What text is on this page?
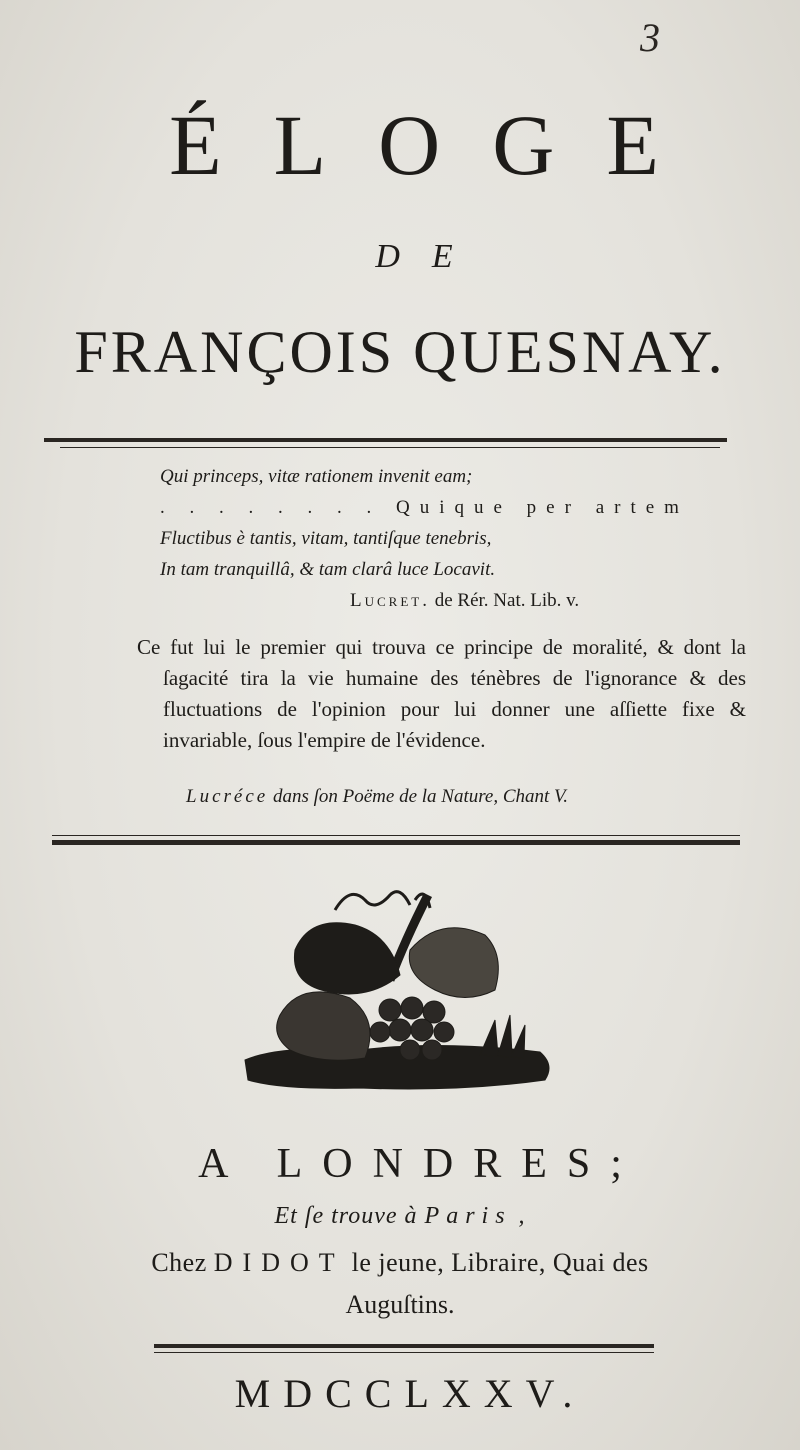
3
ÉLOGE
DE
FRANÇOIS QUESNAY.
Qui princeps, vitæ rationem invenit eam;
. . . . . . . . Quique per artem
Fluctibus è tantis, vitam, tantiſque tenebris,
In tam tranquillâ, & tam clarâ luce Locavit.
Lucret. de Rér. Nat. Lib. v.
Ce fut lui le premier qui trouva ce principe de moralité, & dont la ſagacité tira la vie humaine des ténèbres de l'ignorance & des fluctuations de l'opinion pour lui donner une aſſiette fixe & invariable, ſous l'empire de l'évidence.
Lucréce dans ſon Poëme de la Nature, Chant V.
A LONDRES;
Et ſe trouve à Paris ,
Chez DIDOT le jeune, Libraire, Quai des
Auguſtins.
MDCCLXXV.
